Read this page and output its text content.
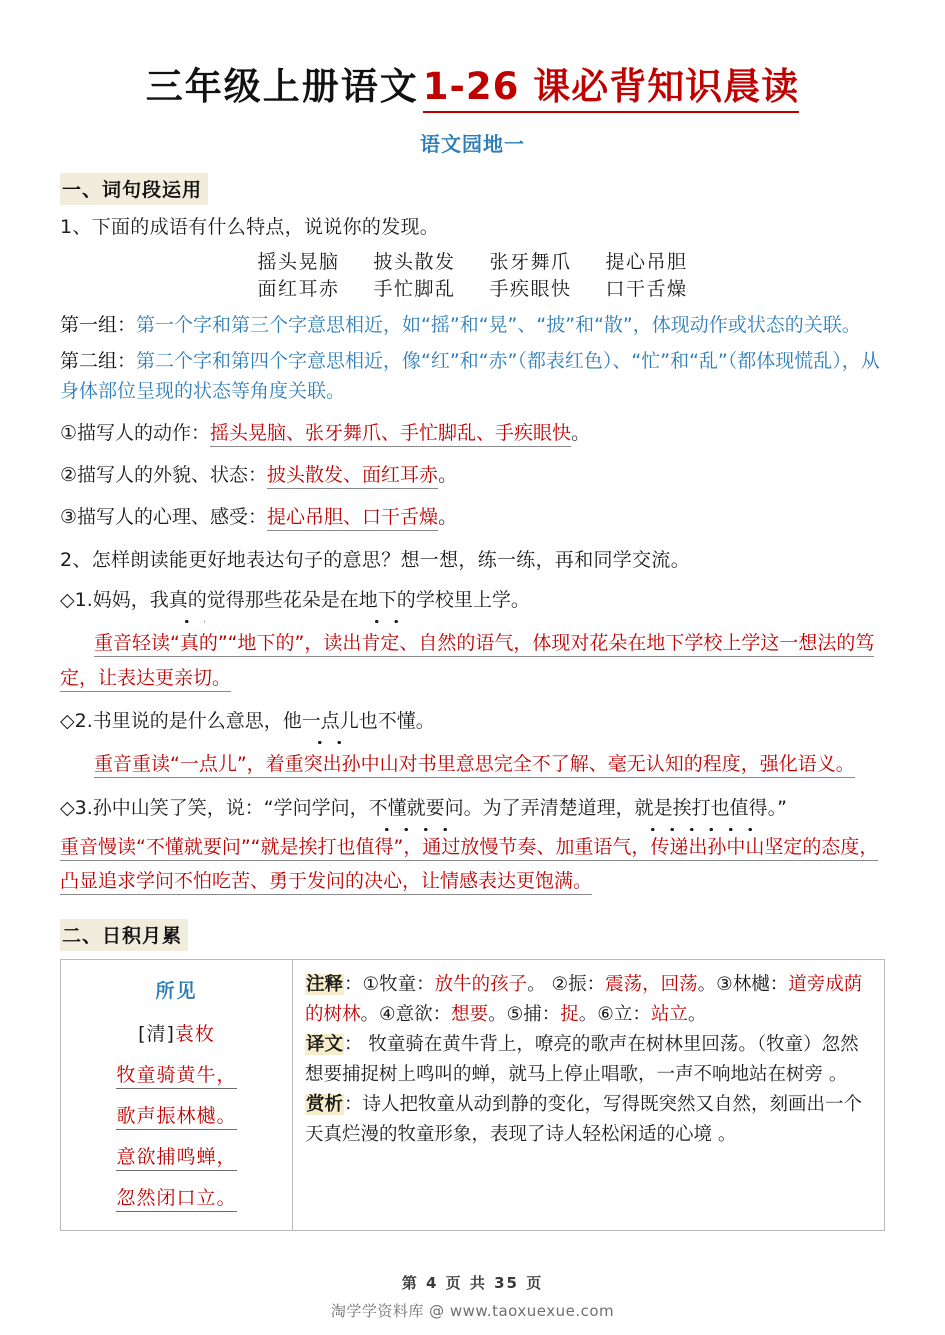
三年级上册语文 1-26 课必背知识晨读
语文园地一
一、词句段运用
1、下面的成语有什么特点，说说你的发现。
摇头晃脑 披头散发 张牙舞爪 提心吊胆
面红耳赤 手忙脚乱 手疾眼快 口干舌燥
第一组：第一个字和第三个字意思相近，如“摇”和“晃”、“披”和“散”，体现动作或状态的关联。
第二组：第二个字和第四个字意思相近，像“红”和“赤”（都表红色）、“忙”和“乱”（都体现慌乱），从身体部位呈现的状态等角度关联。
①描写人的动作：摇头晃脑、张牙舞爪、手忙脚乱、手疾眼快。
②描写人的外貌、状态：披头散发、面红耳赤。
③描写人的心理、感受：提心吊胆、口干舌燥。
2、怎样朗读能更好地表达句子的意思？想一想，练一练，再和同学交流。
◇1.妈妈，我真的觉得那些花朵是在地下的学校里上学。
重音轻读“真的”“地下的”，读出肯定、自然的语气，体现对花朵在地下学校上学这一想法的笃定，让表达更亲切。
◇2.书里说的是什么意思，他一点儿也不懂。
重音重读“一点儿”，着重突出孙中山对书里意思完全不了解、毫无认知的程度，强化语义。
◇3.孙中山笑了笑，说：“学问学问，不懂就要问。为了弄清楚道理，就是挨打也值得。”
重音慢读“不懂就要问”“就是挨打也值得”，通过放慢节奏、加重语气，传递出孙中山坚定的态度，凸显追求学问不怕吃苦、勇于发问的决心，让情感表达更饱满。
二、日积月累
所见
[清]袁枚
牧童骑黄牛，
歌声振林樾。
意欲捕鸣蝉，
忽然闭口立。
注释：①牧童：放牛的孩子。 ②振：震荡，回荡。③林樾：道旁成荫的树林。④意欲：想要。⑤捕：捉。⑥立：站立。
译文： 牧童骑在黄牛背上，嘹亮的歌声在树林里回荡。（牧童）忽然想要捕捉树上鸣叫的蝉，就马上停止唱歌，一声不响地站在树旁 。
赏析：诗人把牧童从动到静的变化，写得既突然又自然，刻画出一个天真烂漫的牧童形象，表现了诗人轻松闲适的心境 。
第 4 页 共 35 页
淘学学资料库 @ www.taoxuexue.com
